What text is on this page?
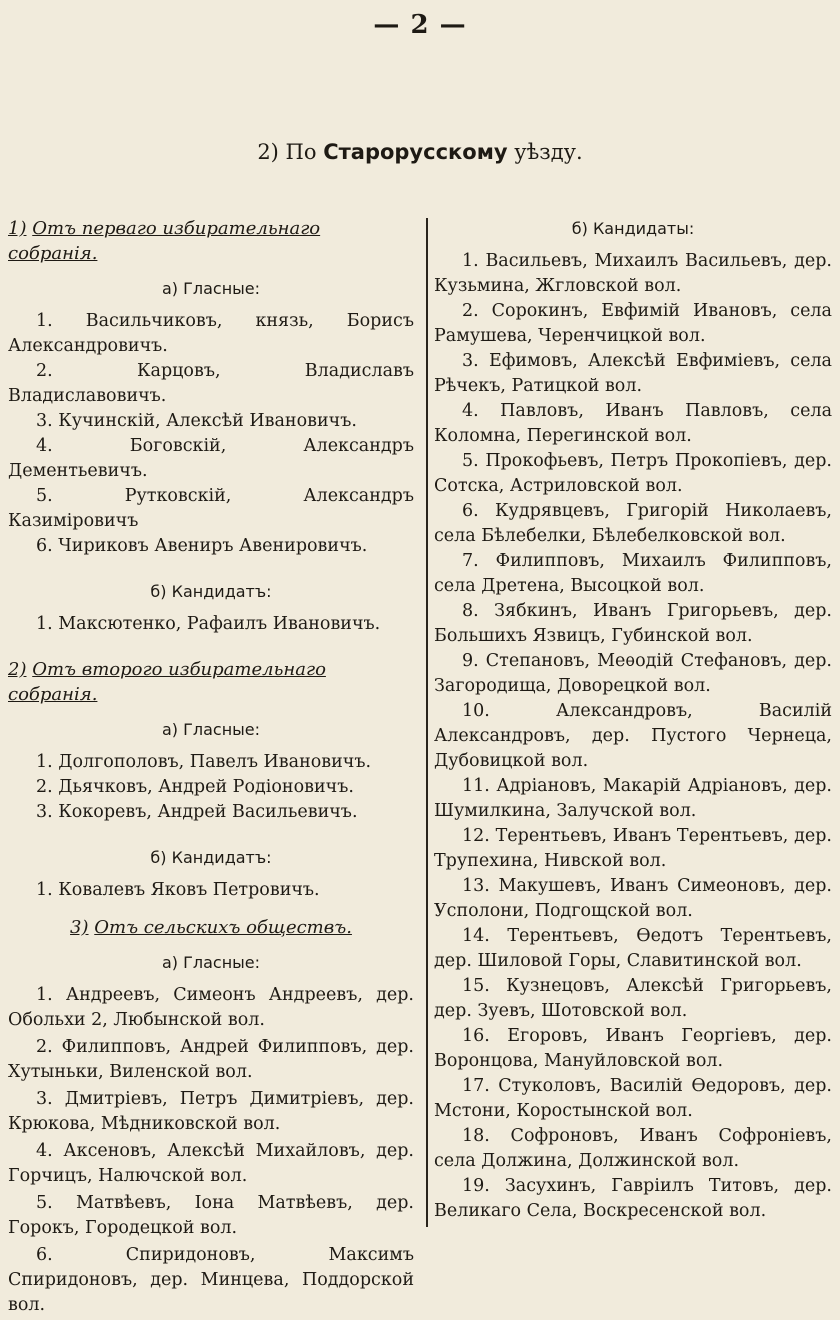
— 2 —
2) По Старорусскому уѣзду.

1) Отъ перваго избирательнаго собранія.

а) Гласные:

1. Васильчиковъ, князь, Борисъ Александровичъ.

2. Карцовъ, Владиславъ Владиславовичъ.

3. Кучинскій, Алексѣй Ивановичъ.

4. Боговскій, Александръ Дементьевичъ.

5. Рутковскій, Александръ Казиміровичъ

6. Чириковъ Авениръ Авенировичъ.

б) Кандидатъ:

1. Максютенко, Рафаилъ Ивановичъ.

2) Отъ второго избирательнаго собранія.

а) Гласные:

1. Долгополовъ, Павелъ Ивановичъ.

2. Дьячковъ, Андрей Родіоновичъ.

3. Кокоревъ, Андрей Васильевичъ.

б) Кандидатъ:

1. Ковалевъ Яковъ Петровичъ.

3) Отъ сельскихъ обществъ.

а) Гласные:

1. Андреевъ, Симеонъ Андреевъ, дер. Обольхи 2, Любынской вол.

2. Филипповъ, Андрей Филипповъ, дер. Хутыньки, Виленской вол.

3. Дмитріевъ, Петръ Димитріевъ, дер. Крюкова, Мѣдниковской вол.

4. Аксеновъ, Алексѣй Михайловъ, дер. Горчицъ, Налючской вол.

5. Матвѣевъ, Іона Матвѣевъ, дер. Горокъ, Городецкой вол.

6. Спиридоновъ, Максимъ Спиридоновъ, дер. Минцева, Поддорской вол.

б) Кандидаты:

1. Васильевъ, Михаилъ Васильевъ, дер. Кузьмина, Жгловской вол.

2. Сорокинъ, Евфимій Ивановъ, села Рамушева, Черенчицкой вол.

3. Ефимовъ, Алексѣй Евфиміевъ, села Рѣчекъ, Ратицкой вол.

4. Павловъ, Иванъ Павловъ, села Коломна, Перегинской вол.

5. Прокофьевъ, Петръ Прокопіевъ, дер. Сотска, Астриловской вол.

6. Кудрявцевъ, Григорій Николаевъ, села Бѣлебелки, Бѣлебелковской вол.

7. Филипповъ, Михаилъ Филипповъ, села Дретена, Высоцкой вол.

8. Зябкинъ, Иванъ Григорьевъ, дер. Большихъ Язвицъ, Губинской вол.

9. Степановъ, Меѳодій Стефановъ, дер. Загородища, Доворецкой вол.

10. Александровъ, Василій Александровъ, дер. Пустого Чернеца, Дубовицкой вол.

11. Адріановъ, Макарій Адріановъ, дер. Шумилкина, Залучской вол.

12. Терентьевъ, Иванъ Терентьевъ, дер. Трупехина, Нивской вол.

13. Макушевъ, Иванъ Симеоновъ, дер. Усполони, Подгощской вол.

14. Терентьевъ, Ѳедотъ Терентьевъ, дер. Шиловой Горы, Славитинской вол.

15. Кузнецовъ, Алексѣй Григорьевъ, дер. Зуевъ, Шотовской вол.

16. Егоровъ, Иванъ Георгіевъ, дер. Воронцова, Мануйловской вол.

17. Стуколовъ, Василій Ѳедоровъ, дер. Мстони, Коростынской вол.

18. Софроновъ, Иванъ Софроніевъ, села Должина, Должинской вол.

19. Засухинъ, Гавріилъ Титовъ, дер. Великаго Села, Воскресенской вол.
